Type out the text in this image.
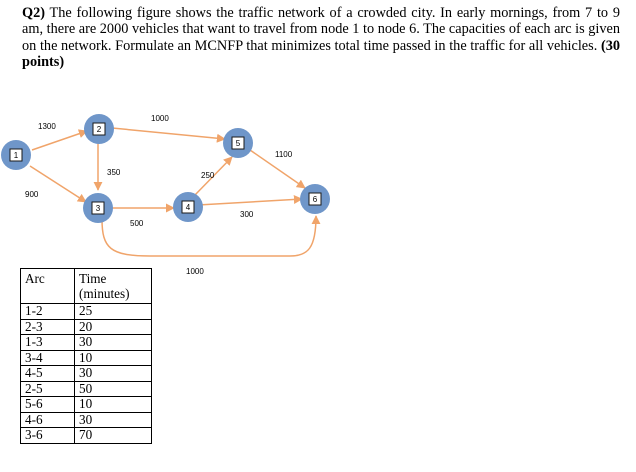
Q2) The following figure shows the traffic network of a crowded city. In early mornings, from 7 to 9 am, there are 2000 vehicles that want to travel from node 1 to node 6. The capacities of each arc is given on the network. Formulate an MCNFP that minimizes total time passed in the traffic for all vehicles. (30 points)

1
2
3	4
5
6
1300
1000
1100
350	250
900
300
500
1000
Arc	Time (minutes)
1-2	25
2-3	20
1-3	30
3-4	10
4-5	30
2-5	50
5-6	10
4-6	30
3-6	70
